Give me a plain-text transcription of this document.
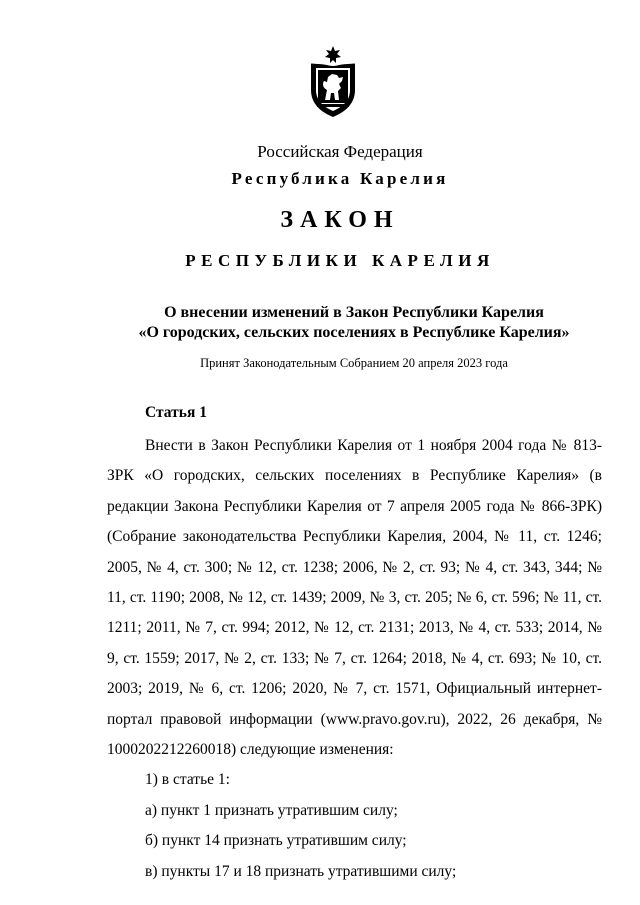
Российская Федерация
Республика Карелия
ЗАКОН
РЕСПУБЛИКИ КАРЕЛИЯ
О внесении изменений в Закон Республики Карелия
«О городских, сельских поселениях в Республике Карелия»
Принят Законодательным Собранием 20 апреля 2023 года
Статья 1

Внести в Закон Республики Карелия от 1 ноября 2004 года № 813-ЗРК «О городских, сельских поселениях в Республике Карелия» (в редакции Закона Республики Карелия от 7 апреля 2005 года № 866-ЗРК) (Собрание законодательства Республики Карелия, 2004, № 11, ст. 1246; 2005, № 4, ст. 300; № 12, ст. 1238; 2006, № 2, ст. 93; № 4, ст. 343, 344; № 11, ст. 1190; 2008, № 12, ст. 1439; 2009, № 3, ст. 205; № 6, ст. 596; № 11, ст. 1211; 2011, № 7, ст. 994; 2012, № 12, ст. 2131; 2013, № 4, ст. 533; 2014, № 9, ст. 1559; 2017, № 2, ст. 133; № 7, ст. 1264; 2018, № 4, ст. 693; № 10, ст. 2003; 2019, № 6, ст. 1206; 2020, № 7, ст. 1571, Официальный интернет-портал правовой информации (www.pravo.gov.ru), 2022, 26 декабря, № 1000202212260018) следующие изменения:

1) в статье 1:

а) пункт 1 признать утратившим силу;

б) пункт 14 признать утратившим силу;

в) пункты 17 и 18 признать утратившими силу;
